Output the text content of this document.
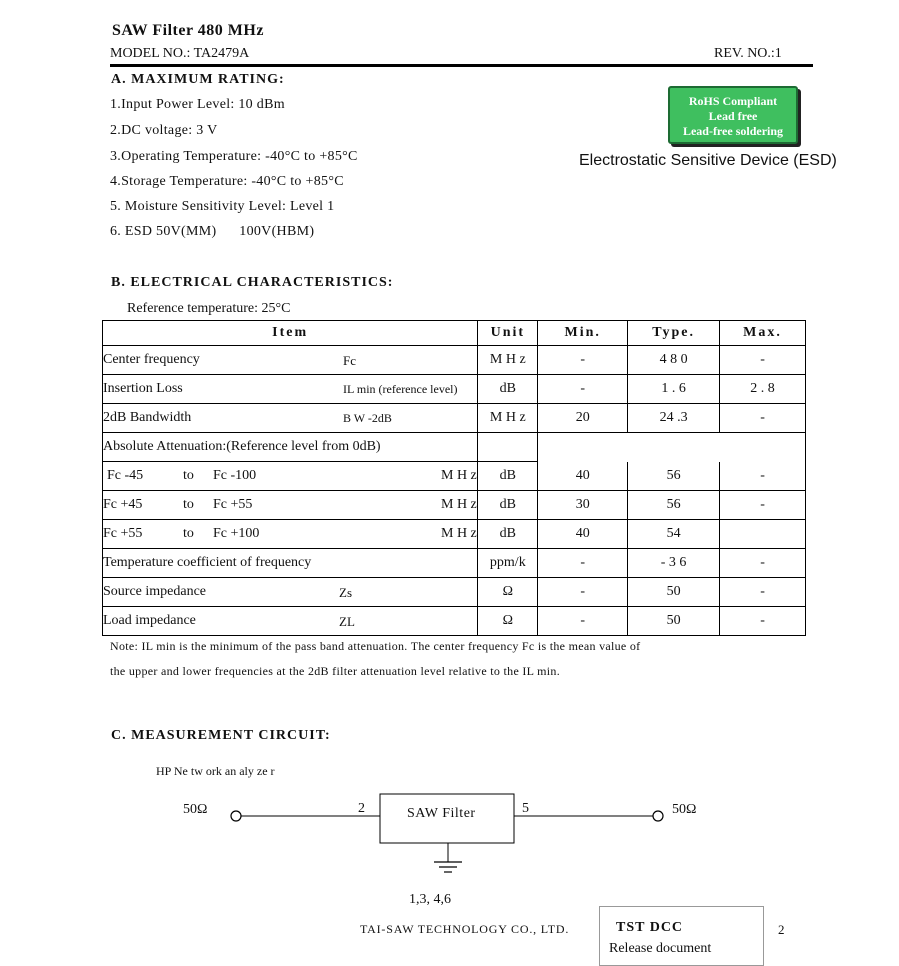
SAW Filter 480 MHz
MODEL NO.: TA2479A	REV. NO.:1
A. MAXIMUM RATING:
1.Input Power Level: 10 dBm
2.DC voltage: 3 V
3.Operating Temperature: -40°C to +85°C
4.Storage Temperature: -40°C to +85°C
5. Moisture Sensitivity Level: Level 1
6. ESD 50V(MM)      100V(HBM)
RoHS Compliant
Lead free
Lead-free soldering
Electrostatic Sensitive Device (ESD)
B. ELECTRICAL CHARACTERISTICS:
Reference temperature: 25°C
Item	Unit	Min.	Type.	Max.
Center frequency Fc	M H z	-	4 8 0	-
Insertion Loss IL min (reference level)	dB	-	1 . 6	2 . 8
2dB Bandwidth B W -2dB	M H z	20	24 .3	-
Absolute Attenuation:(Reference level from 0dB)				

Fc -45 to Fc -100 M H z	dB	40	56	-

Fc +45 to Fc +55 M H z	dB	30	56	-

Fc +55 to Fc +100 M H z	dB	40	54	
Temperature coefficient of frequency	ppm/k	-	- 3 6	-
Source impedance Zs	Ω	-	50	-
Load impedance ZL	Ω	-	50	-
Note: IL min is the minimum of the pass band attenuation. The center frequency Fc is the mean value of
the upper and lower frequencies at the 2dB filter attenuation level relative to the IL min.
C. MEASUREMENT CIRCUIT:
HP Ne tw ork an aly ze r
50Ω	50Ω
2	5
SAW Filter
1,3, 4,6
TAI-SAW TECHNOLOGY CO., LTD.	TST DCC
Release document
2
